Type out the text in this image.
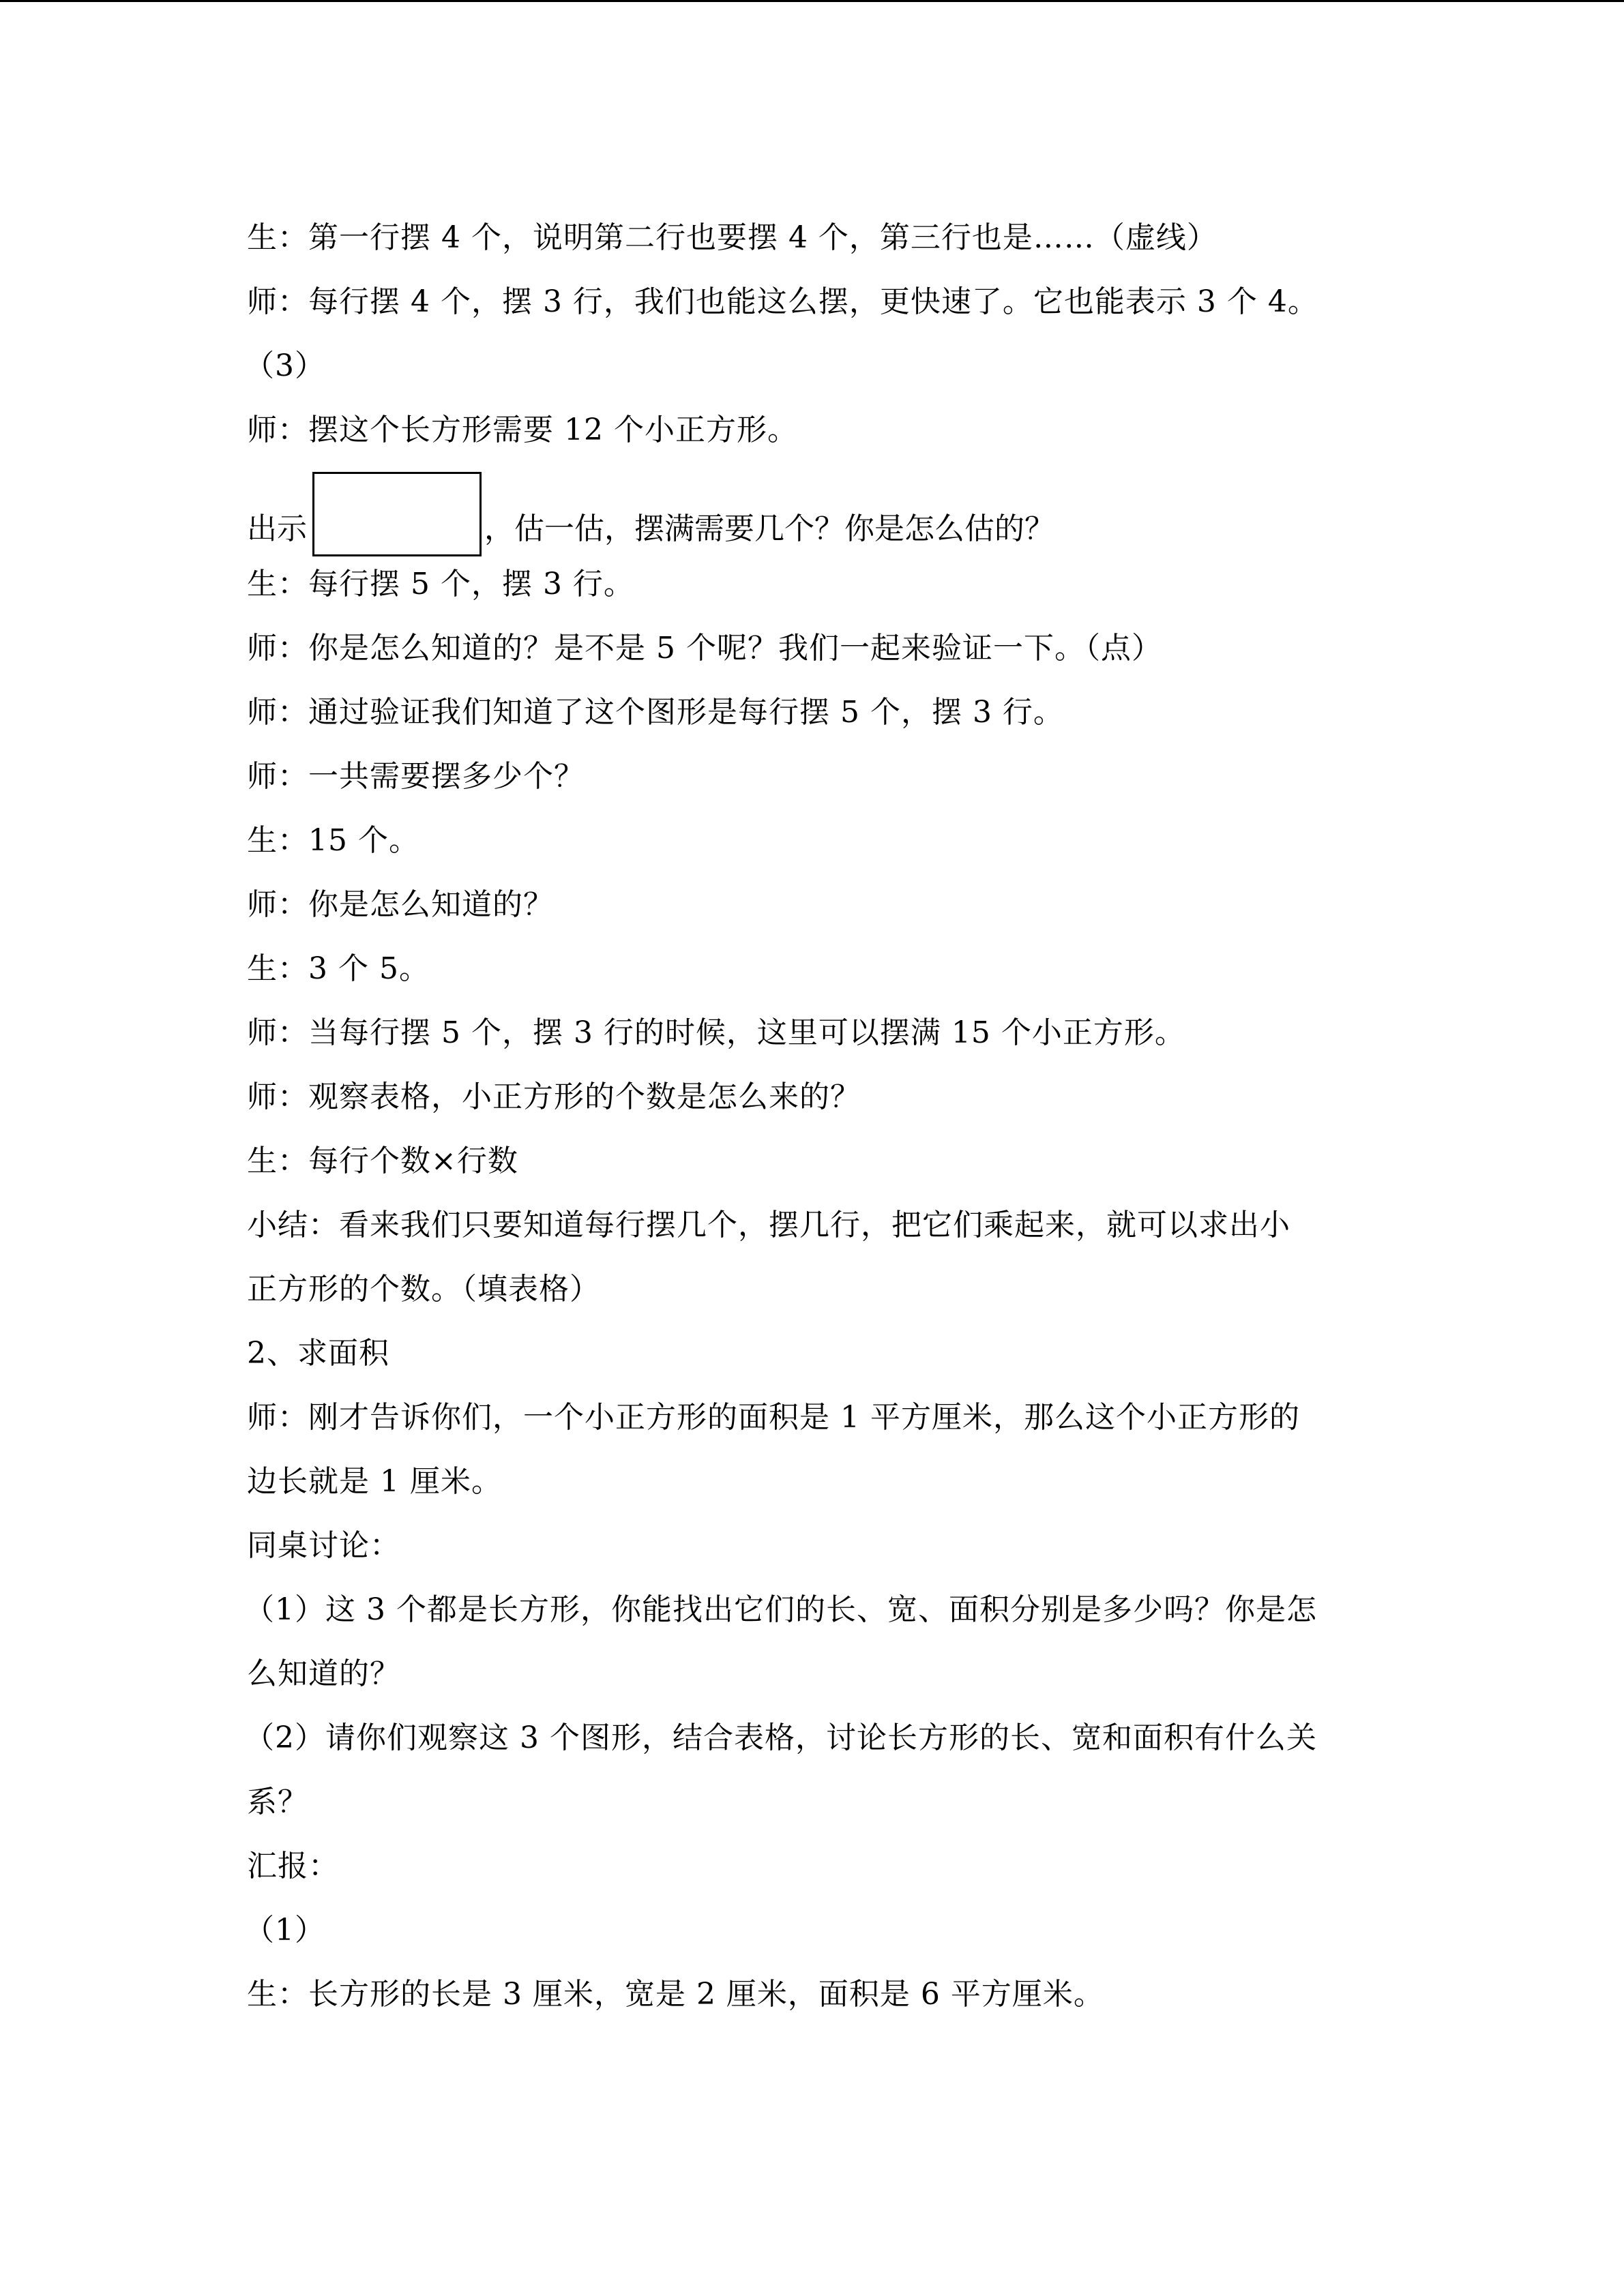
生：第一行摆 4 个，说明第二行也要摆 4 个，第三行也是……（虚线）
师：每行摆 4 个，摆 3 行，我们也能这么摆，更快速了。它也能表示 3 个 4。
（3）
师：摆这个长方形需要 12 个小正方形。
出示	，估一估，摆满需要几个？你是怎么估的？
生：每行摆 5 个，摆 3 行。
师：你是怎么知道的？是不是 5 个呢？我们一起来验证一下。（点）
师：通过验证我们知道了这个图形是每行摆 5 个，摆 3 行。
师：一共需要摆多少个？
生：15 个。
师：你是怎么知道的？
生：3 个 5。
师：当每行摆 5 个，摆 3 行的时候，这里可以摆满 15 个小正方形。
师：观察表格，小正方形的个数是怎么来的？
生：每行个数×行数
小结：看来我们只要知道每行摆几个，摆几行，把它们乘起来，就可以求出小
正方形的个数。（填表格）
2、求面积
师：刚才告诉你们，一个小正方形的面积是 1 平方厘米，那么这个小正方形的
边长就是 1 厘米。
同桌讨论：
（1）这 3 个都是长方形，你能找出它们的长、宽、面积分别是多少吗？你是怎
么知道的？
（2）请你们观察这 3 个图形，结合表格，讨论长方形的长、宽和面积有什么关
系？
汇报：
（1）
生：长方形的长是 3 厘米，宽是 2 厘米，面积是 6 平方厘米。
